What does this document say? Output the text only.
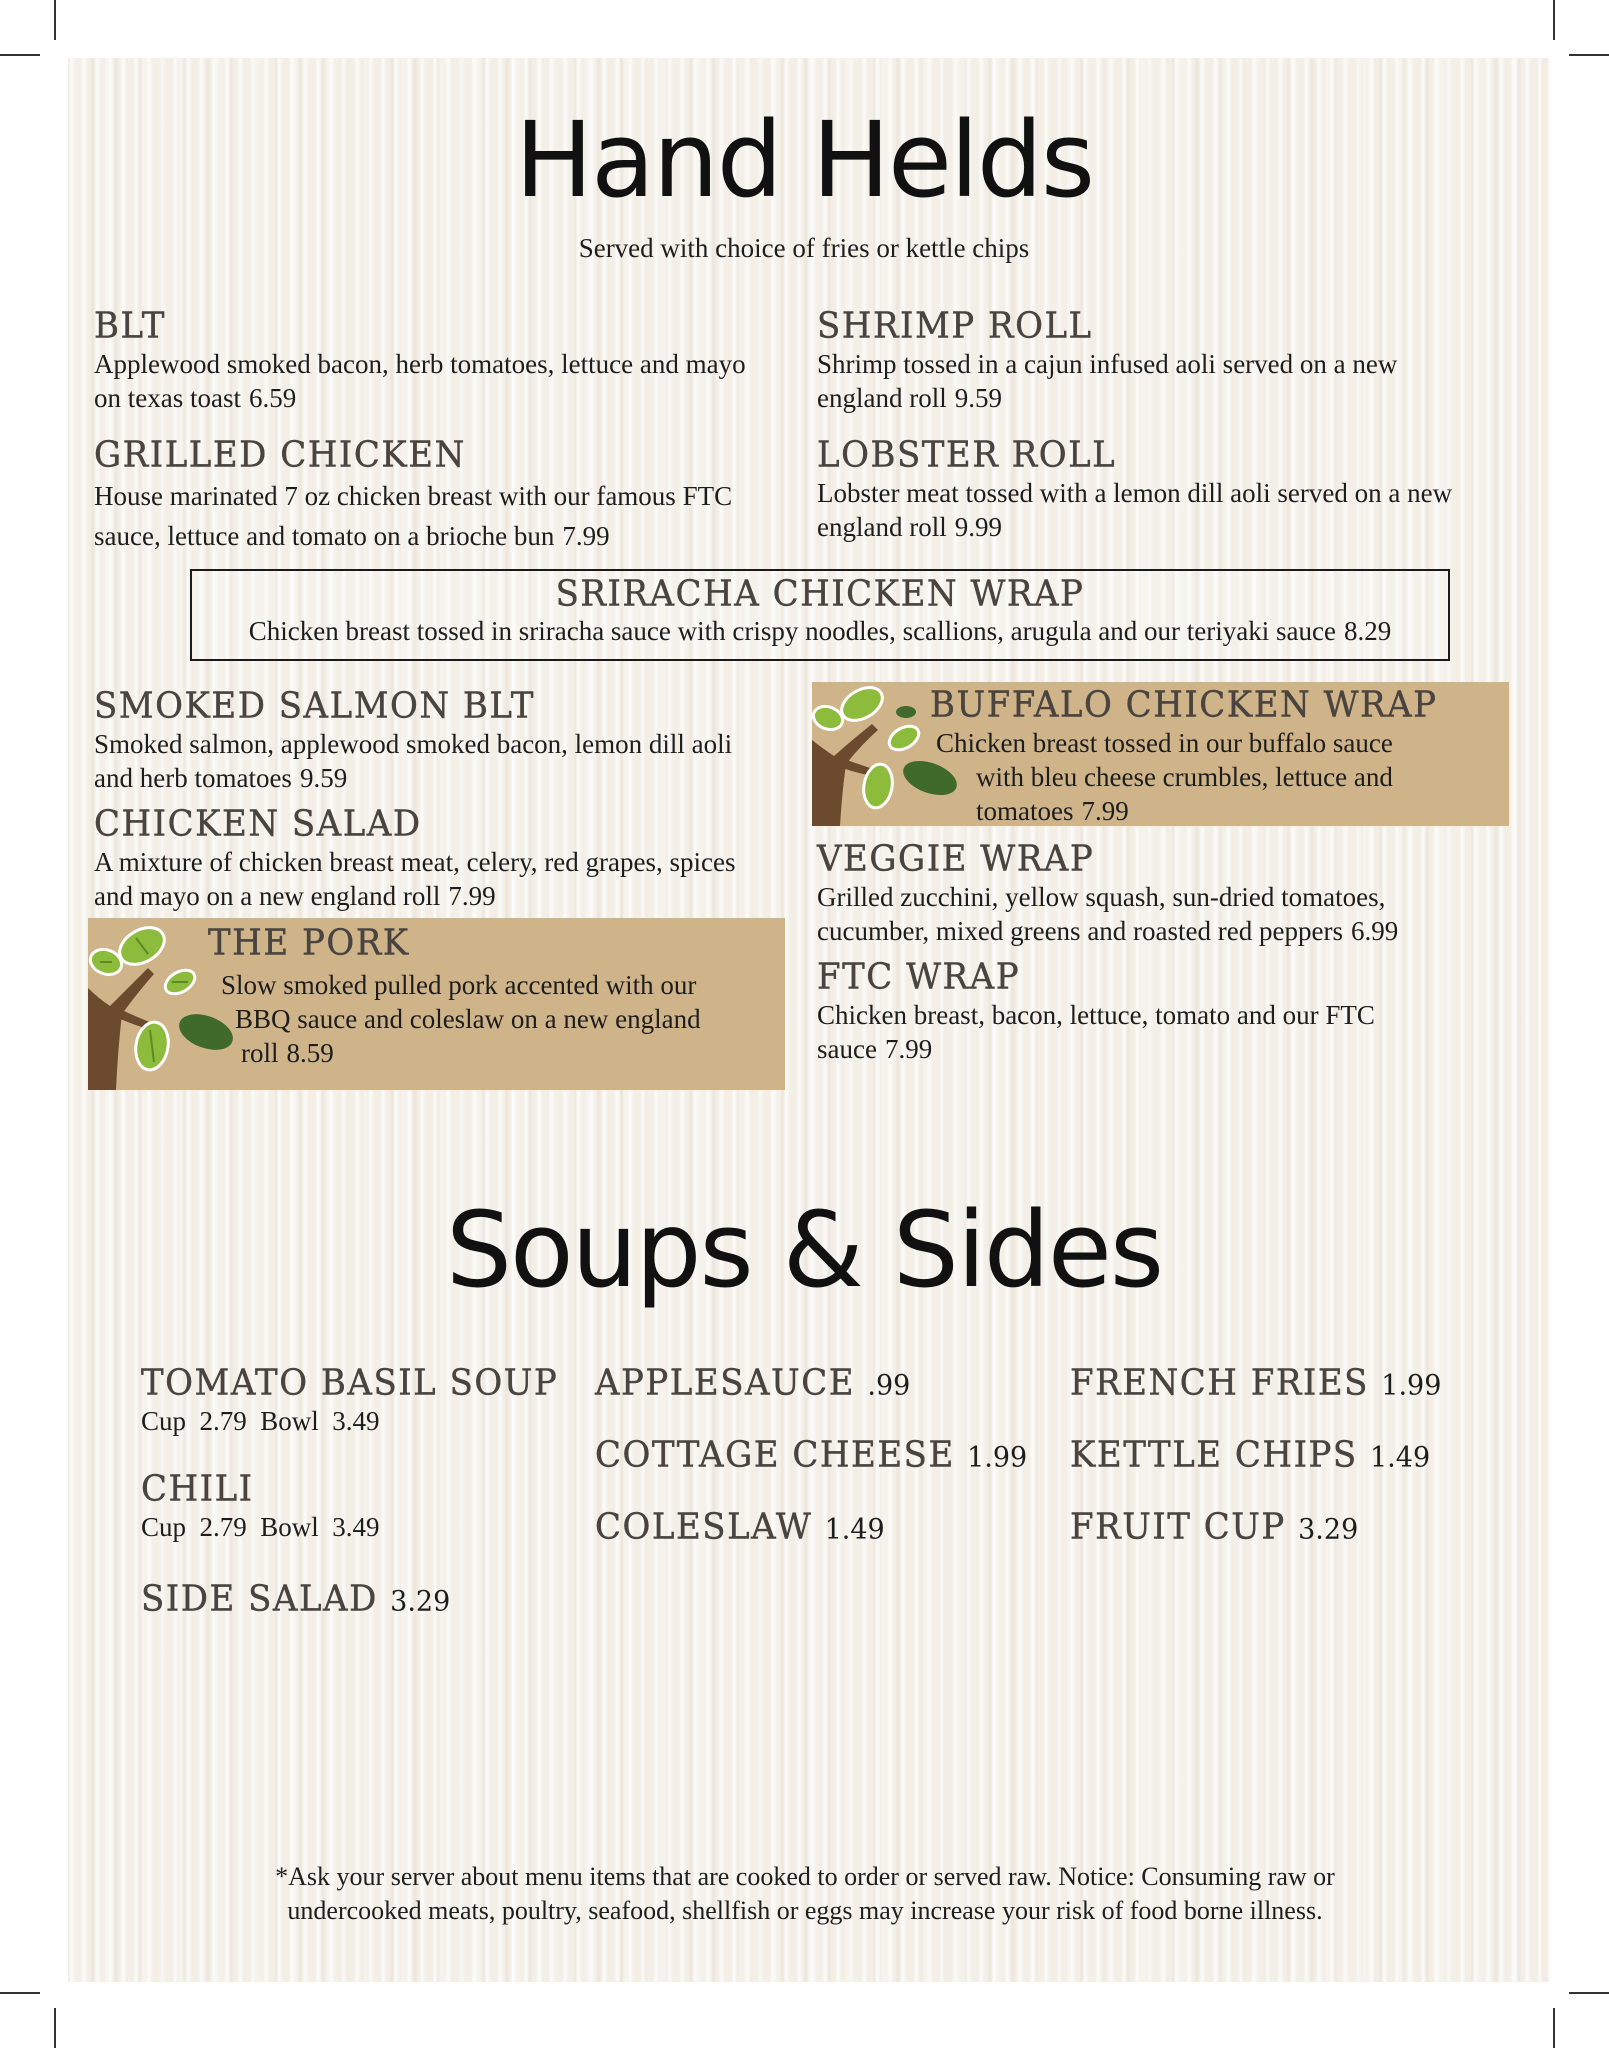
Hand Helds
Served with choice of fries or kettle chips
BLT
Applewood smoked bacon, herb tomatoes, lettuce and mayo on texas toast 6.59
GRILLED CHICKEN
House marinated 7 oz chicken breast with our famous FTC sauce, lettuce and tomato on a brioche bun 7.99
SHRIMP ROLL
Shrimp tossed in a cajun infused aoli served on a new england roll 9.59
LOBSTER ROLL
Lobster meat tossed with a lemon dill aoli served on a new england roll 9.99
SRIRACHA CHICKEN WRAP
Chicken breast tossed in sriracha sauce with crispy noodles, scallions, arugula and our teriyaki sauce 8.29
SMOKED SALMON BLT
Smoked salmon, applewood smoked bacon, lemon dill aoli and herb tomatoes 9.59
CHICKEN SALAD
A mixture of chicken breast meat, celery, red grapes, spices and mayo on a new england roll 7.99
THE PORK
Slow smoked pulled pork accented with our
BBQ sauce and coleslaw on a new england
roll 8.59
BUFFALO CHICKEN WRAP
Chicken breast tossed in our buffalo sauce
with bleu cheese crumbles, lettuce and
tomatoes 7.99
VEGGIE WRAP
Grilled zucchini, yellow squash, sun-dried tomatoes, cucumber, mixed greens and roasted red peppers 6.99
FTC WRAP
Chicken breast, bacon, lettuce, tomato and our FTC sauce 7.99
Soups & Sides
TOMATO BASIL SOUP
Cup 2.79 Bowl 3.49
CHILI
Cup 2.79 Bowl 3.49
SIDE SALAD 3.29
APPLESAUCE .99
COTTAGE CHEESE 1.99
COLESLAW 1.49
FRENCH FRIES 1.99
KETTLE CHIPS 1.49
FRUIT CUP 3.29
*Ask your server about menu items that are cooked to order or served raw. Notice: Consuming raw or
undercooked meats, poultry, seafood, shellfish or eggs may increase your risk of food borne illness.
